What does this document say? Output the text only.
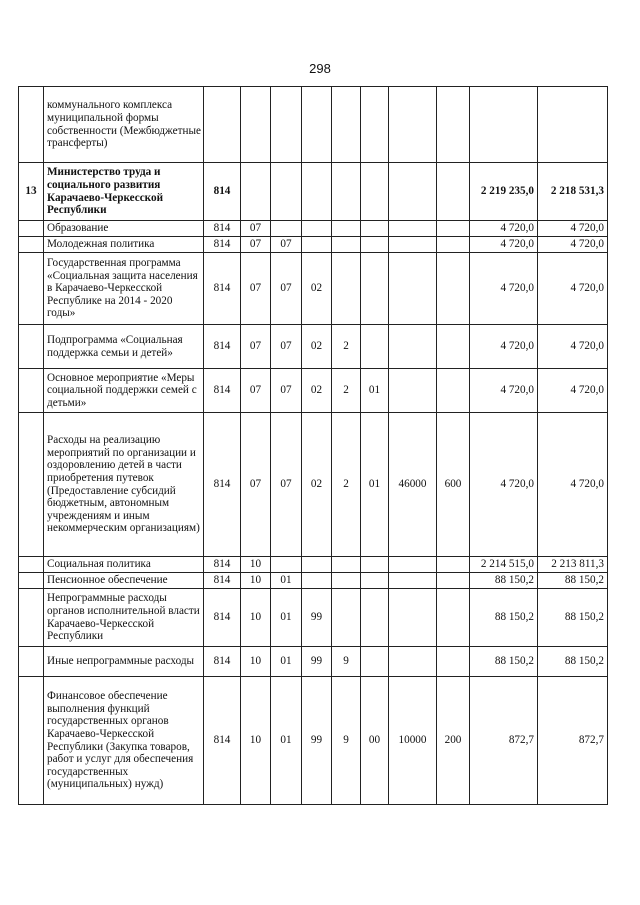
298
	коммунального комплекса муниципальной формы собственности (Межбюджетные трансферты)										
13	Министерство труда и социального развития Карачаево-Черкесской Республики	814								2 219 235,0	2 218 531,3
	Образование	814	07							4 720,0	4 720,0
	Молодежная политика	814	07	07						4 720,0	4 720,0
	Государственная программа «Социальная защита населения в Карачаево-Черкесской Республике на 2014 - 2020 годы»	814	07	07	02					4 720,0	4 720,0
	Подпрограмма «Социальная поддержка семьи и детей»	814	07	07	02	2				4 720,0	4 720,0
	Основное мероприятие «Меры социальной поддержки семей с детьми»	814	07	07	02	2	01			4 720,0	4 720,0
	Расходы на реализацию мероприятий по организации и оздоровлению детей в части приобретения путевок (Предоставление субсидий бюджетным, автономным учреждениям и иным некоммерческим организациям)	814	07	07	02	2	01	46000	600	4 720,0	4 720,0
	Социальная политика	814	10							2 214 515,0	2 213 811,3
	Пенсионное обеспечение	814	10	01						88 150,2	88 150,2
	Непрограммные расходы органов исполнительной власти Карачаево-Черкесской Республики	814	10	01	99					88 150,2	88 150,2
	Иные непрограммные расходы	814	10	01	99	9				88 150,2	88 150,2
	Финансовое обеспечение выполнения функций государственных органов Карачаево-Черкесской Республики (Закупка товаров, работ и услуг для обеспечения государственных (муниципальных) нужд)	814	10	01	99	9	00	10000	200	872,7	872,7
